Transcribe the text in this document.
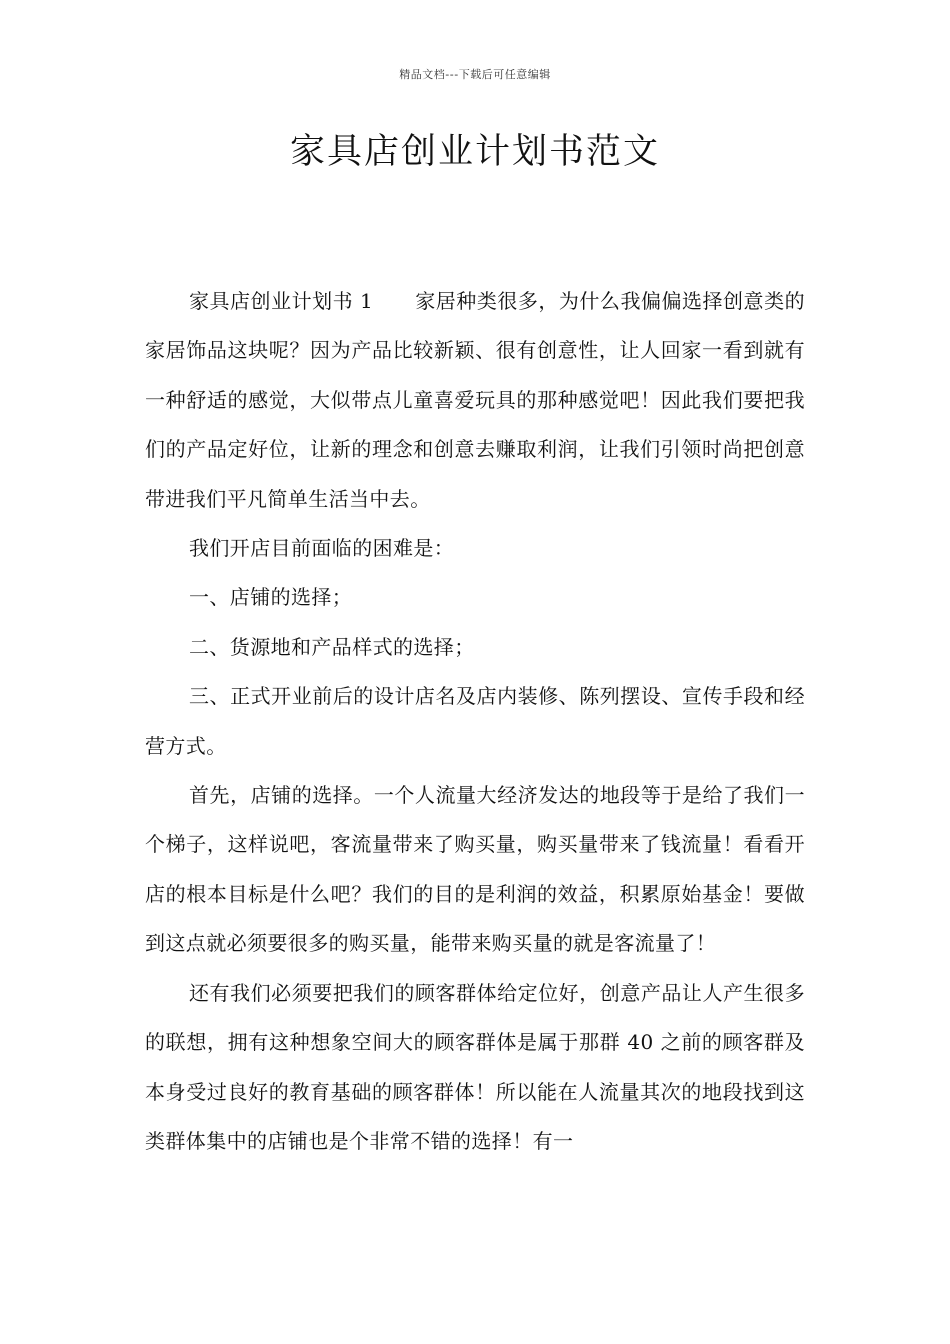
精品文档---下载后可任意编辑
家具店创业计划书范文

家具店创业计划书 1 家居种类很多，为什么我偏偏选择创意类的家居饰品这块呢？因为产品比较新颖、很有创意性，让人回家一看到就有一种舒适的感觉，大似带点儿童喜爱玩具的那种感觉吧！因此我们要把我们的产品定好位，让新的理念和创意去赚取利润，让我们引领时尚把创意带进我们平凡简单生活当中去。

我们开店目前面临的困难是：

一、店铺的选择；

二、货源地和产品样式的选择；

三、正式开业前后的设计店名及店内装修、陈列摆设、宣传手段和经营方式。

首先，店铺的选择。一个人流量大经济发达的地段等于是给了我们一个梯子，这样说吧，客流量带来了购买量，购买量带来了钱流量！看看开店的根本目标是什么吧？我们的目的是利润的效益，积累原始基金！要做到这点就必须要很多的购买量，能带来购买量的就是客流量了！

还有我们必须要把我们的顾客群体给定位好，创意产品让人产生很多的联想，拥有这种想象空间大的顾客群体是属于那群 40 之前的顾客群及本身受过良好的教育基础的顾客群体！所以能在人流量其次的地段找到这类群体集中的店铺也是个非常不错的选择！有一
